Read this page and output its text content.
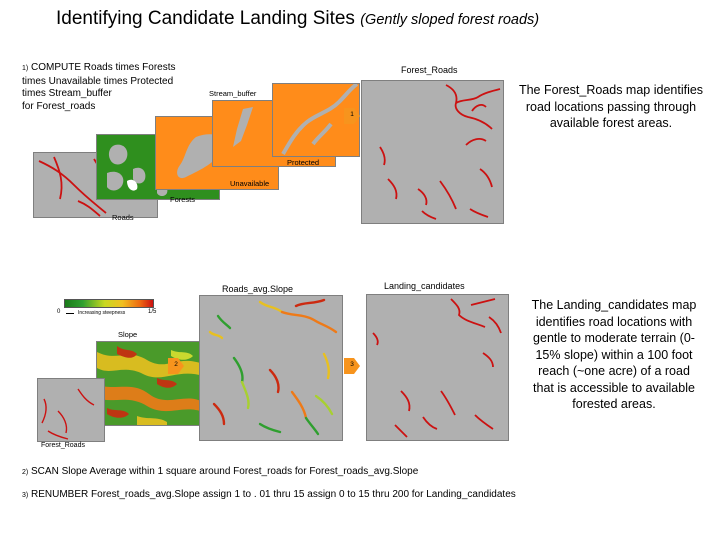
Identifying Candidate Landing Sites (Gently sloped forest roads)
1) COMPUTE Roads times Forests
times Unavailable times Protected
times Stream_buffer
for Forest_roads
Forest_Roads
Stream_buffer
Protected
Unavailable
Forests
Roads
1
The Forest_Roads map identifies road locations passing through available forest areas.
Roads_avg.Slope	Landing_candidates
0	Increasing steepness	1/5
Slope
Forest_Roads
2	3
The Landing_candidates map identifies road locations with gentle to moderate terrain (0-15% slope) within a 100 foot reach (~one acre) of a road that is accessible to available forested areas.
2) SCAN Slope Average within 1 square around Forest_roads for Forest_roads_avg.Slope
3) RENUMBER Forest_roads_avg.Slope assign 1 to . 01 thru 15 assign 0 to 15 thru 200 for Landing_candidates
